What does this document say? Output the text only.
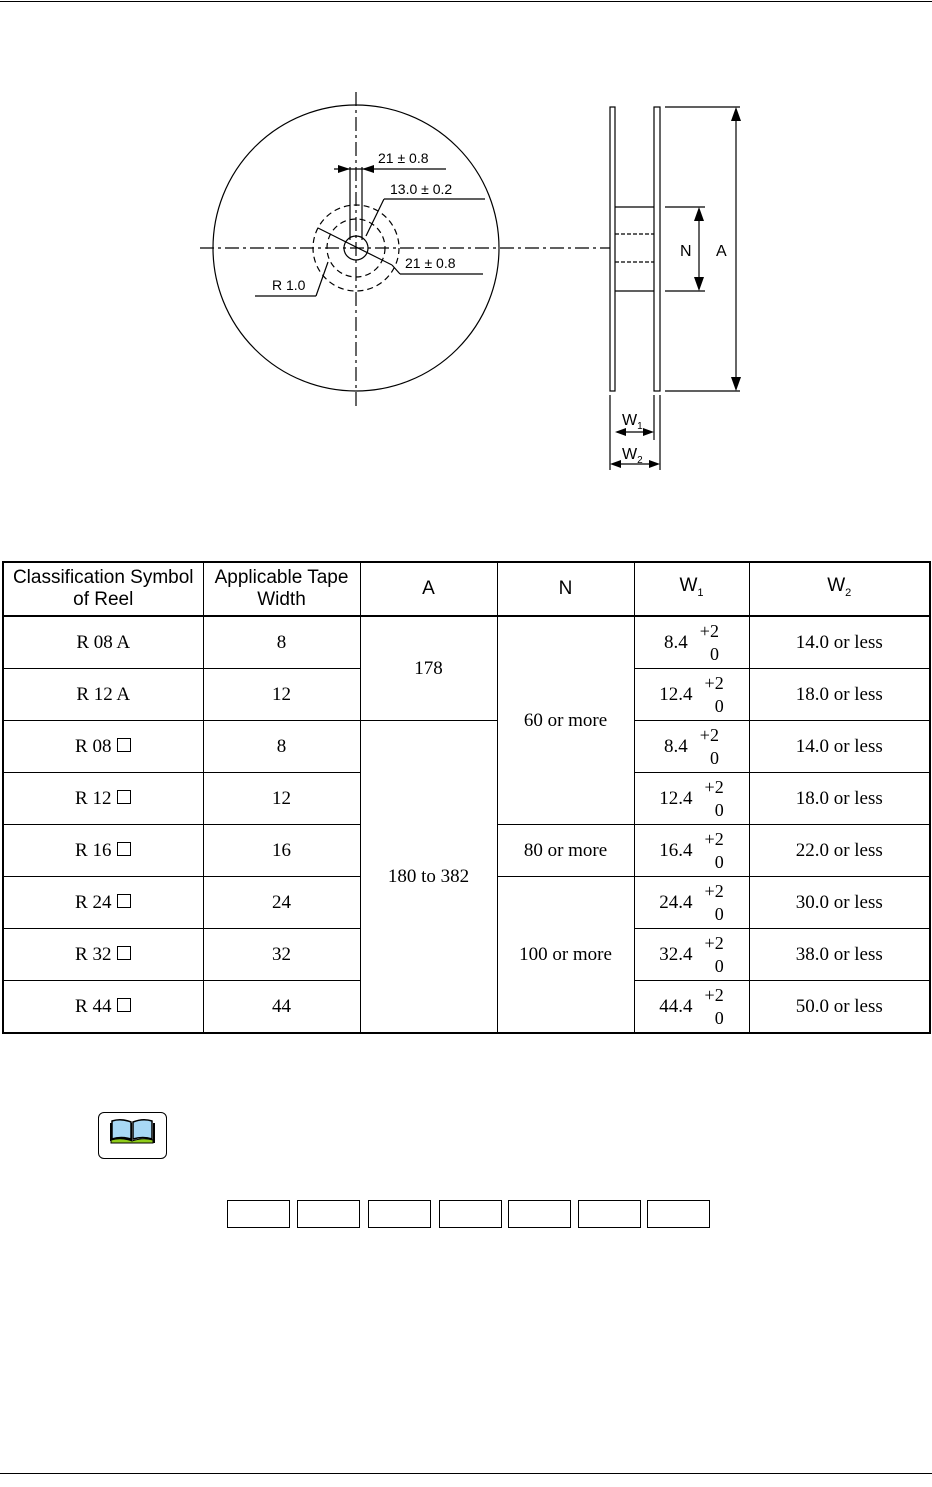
21 ± 0.8
13.0 ± 0.2
21 ± 0.8
R 1.0
N A
$W_1$
$W_2$
Classification Symbol of Reel	Applicable Tape Width	A	N	$W_1$	$W_2$
R 08 A	8	178	60 or more	8.4
+2
0	14.0 or less
R 12 A	12			12.4
+2
0	18.0 or less
R 08	8	180 to 382		8.4
+2
0	14.0 or less
R 12	12			12.4
+2
0	18.0 or less
R 16	16		80 or more	16.4
+2
0	22.0 or less
R 24	24		100 or more	24.4
+2
0	30.0 or less
R 32	32			32.4
+2
0	38.0 or less
R 44	44			44.4
+2
0	50.0 or less
